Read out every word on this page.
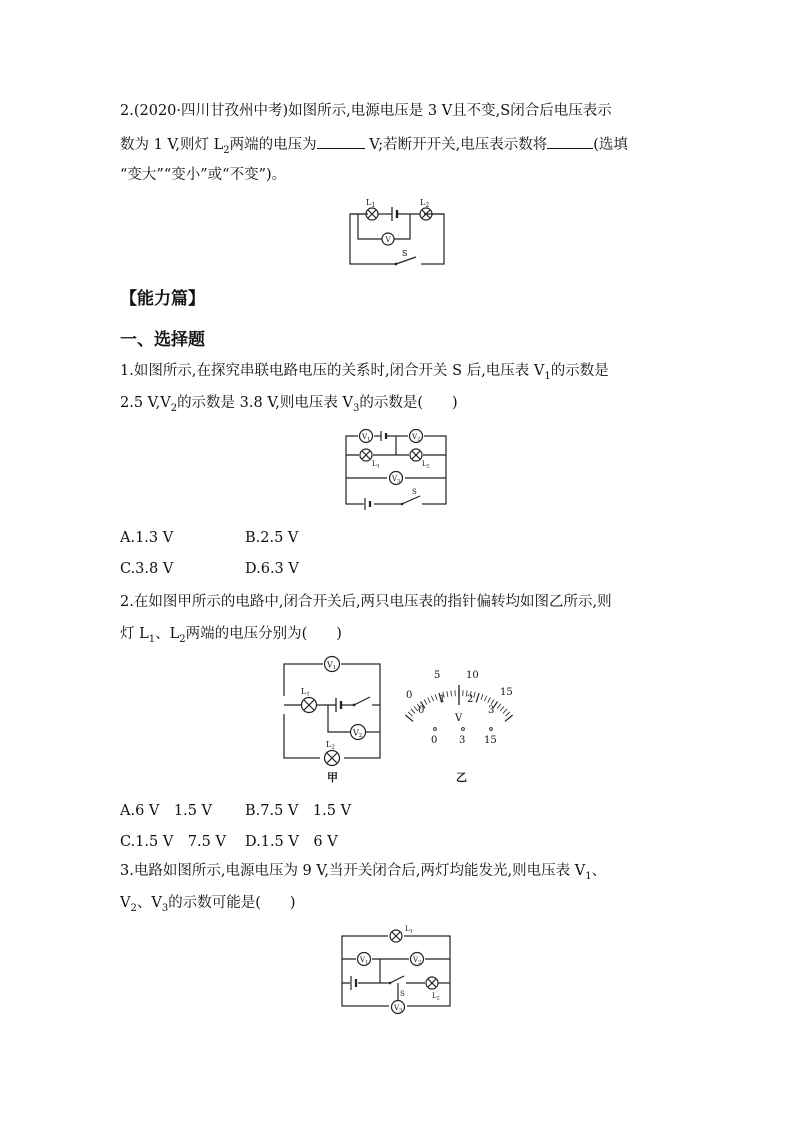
2.(2020·四川甘孜州中考)如图所示,电源电压是 3 V且不变,S闭合后电压表示
数为 1 V,则灯 $L_2$两端的电压为	V;若断开开关,电压表示数将	(选填
“变大”“变小”或“不变”)。
$L_1$	$L_2$
V
S
【能力篇】
一、选择题
1.如图所示,在探究串联电路电压的关系时,闭合开关 S 后,电压表 $V_1$的示数是
2.5 $V,V_2$的示数是 3.8 V,则电压表 $V_3$的示数是(　　)
$V_1$	$V_2$
$L_1$	$L_2$
$V_3$
S
A.1.3 V	B.2.5 V
C.3.8 V	D.6.3 V
2.在如图甲所示的电路中,闭合开关后,两只电压表的指针偏转均如图乙所示,则
灯 $L_1$、$L_2$两端的电压分别为(　　)
V1
L1
V2
L2
甲
0
5	10
15
0
1 2
3
V
0 3 15
乙
A.6 V　1.5 V B.7.5 V　1.5 V
C.1.5 V　7.5 V D.1.5 V　6 V
3.电路如图所示,电源电压为 9 V,当开关闭合后,两灯均能发光,则电压表 $V_1$、
$V_2$、$V_3$的示数可能是(　　)
$L_1$
$V_1$	$V_2$
S	$L_2$
$V_3$
